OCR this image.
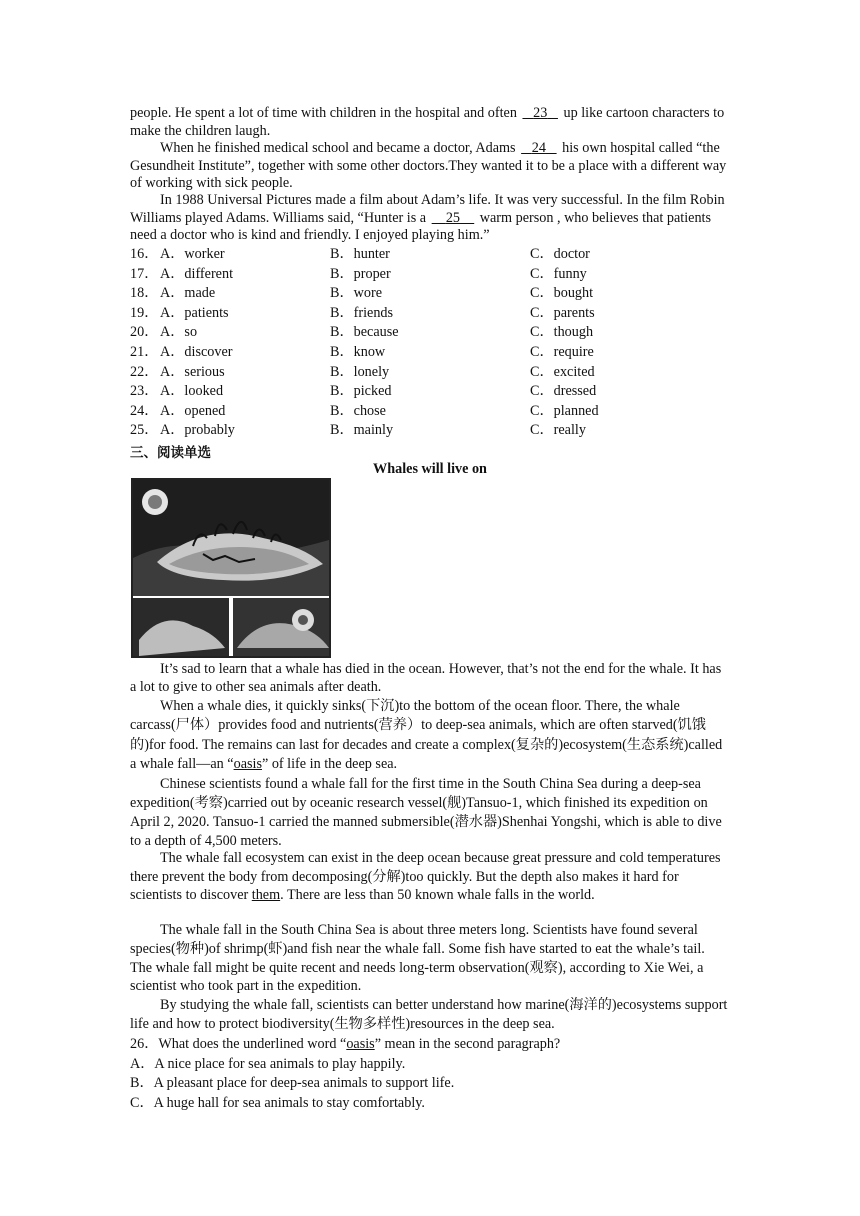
people. He spent a lot of time with children in the hospital and often    23    up like cartoon characters to make the children laugh.

When he finished medical school and became a doctor, Adams    24    his own hospital called “the Gesundheit Institute”, together with some other doctors.They wanted it to be a place with a different way of working with sick people.

In 1988 Universal Pictures made a film about Adam’s life. It was very successful. In the film Robin Williams played Adams. Williams said, “Hunter is a     25     warm person , who believes that patients need a doctor who is kind and friendly. I enjoyed playing him.”

16． A．worker	B．hunter	C．doctor
17． A．different	B．proper	C．funny
18． A．made	B．wore	C．bought
19． A．patients	B．friends	C．parents
20． A．so	B．because	C．though
21． A．discover	B．know	C．require
22． A．serious	B．lonely	C．excited
23． A．looked	B．picked	C．dressed
24． A．opened	B．chose	C．planned
25． A．probably	B．mainly	C．really
三、阅读单选
Whales will live on

It’s sad to learn that a whale has died in the ocean. However, that’s not the end for the whale. It has a lot to give to other sea animals after death.

When a whale dies, it quickly sinks(下沉)to the bottom of the ocean floor. There, the whale carcass(尸体）provides food and nutrients(营养）to deep-sea animals, which are often starved(饥饿的)for food. The remains can last for decades and create a complex(复杂的)ecosystem(生态系统)called a whale fall—an “oasis” of life in the deep sea.

Chinese scientists found a whale fall for the first time in the South China Sea during a deep-sea expedition(考察)carried out by oceanic research vessel(舰)Tansuo-1, which finished its expedition on April 2, 2020. Tansuo-1 carried the manned submersible(潜水器)Shenhai Yongshi, which is able to dive to a depth of 4,500 meters.

The whale fall ecosystem can exist in the deep ocean because great pressure and cold temperatures there prevent the body from decomposing(分解)too quickly. But the depth also makes it hard for scientists to discover them. There are less than 50 known whale falls in the world.

The whale fall in the South China Sea is about three meters long. Scientists have found several species(物种)of shrimp(虾)and fish near the whale fall. Some fish have started to eat the whale’s tail. The whale fall might be quite recent and needs long-term observation(观察), according to Xie Wei, a scientist who took part in the expedition.

By studying the whale fall, scientists can better understand how marine(海洋的)ecosystems support life and how to protect biodiversity(生物多样性)resources in the deep sea.

26．What does the underlined word “oasis” mean in the second paragraph?
A．A nice place for sea animals to play happily.
B．A pleasant place for deep-sea animals to support life.
C．A huge hall for sea animals to stay comfortably.
